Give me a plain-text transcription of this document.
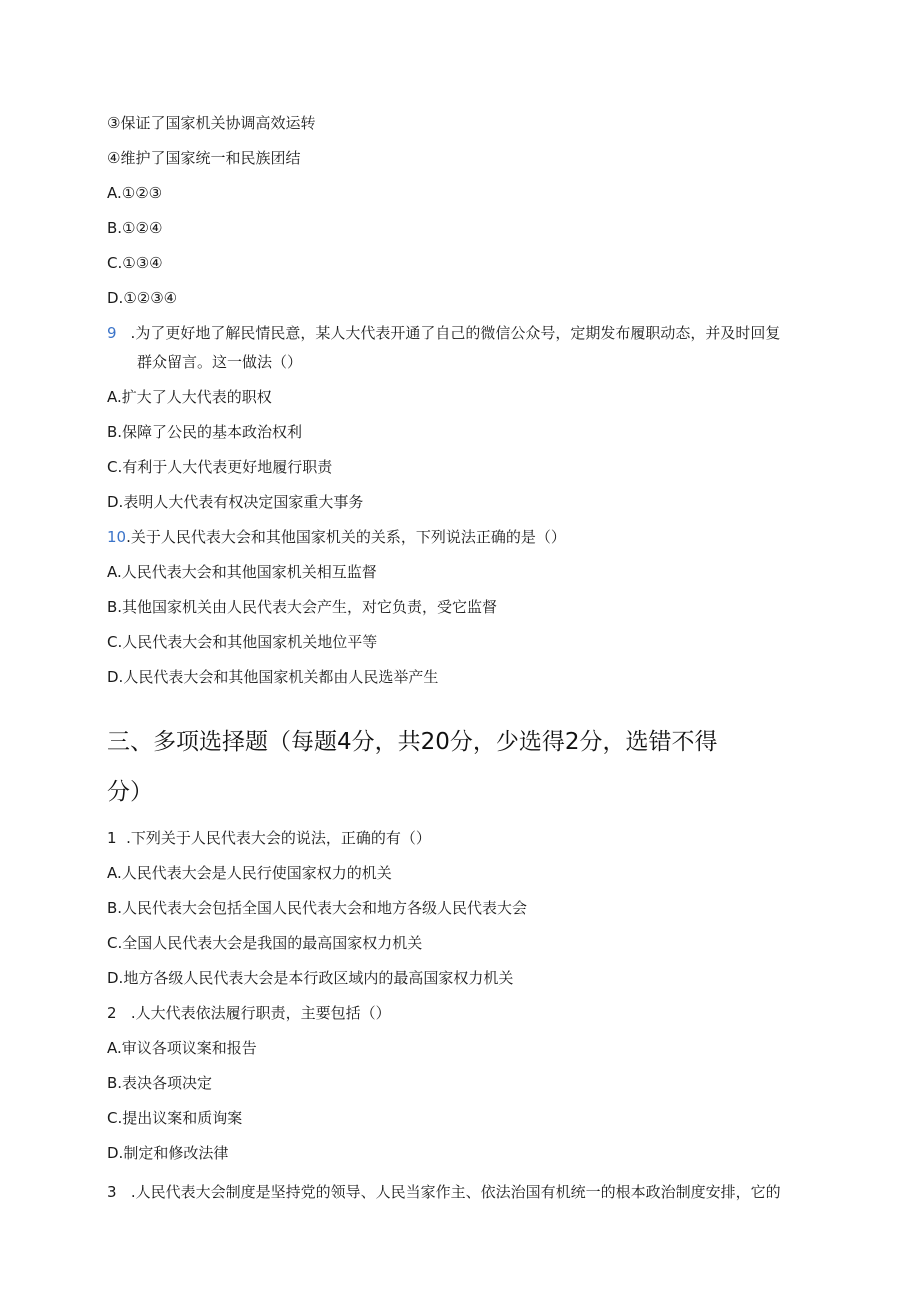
③保证了国家机关协调高效运转
④维护了国家统一和民族团结
A.①②③
B.①②④
C.①③④
D.①②③④
9 .为了更好地了解民情民意，某人大代表开通了自己的微信公众号，定期发布履职动态，并及时回复
群众留言。这一做法（）
A.扩大了人大代表的职权
B.保障了公民的基本政治权利
C.有利于人大代表更好地履行职责
D.表明人大代表有权决定国家重大事务
10.关于人民代表大会和其他国家机关的关系，下列说法正确的是（）
A.人民代表大会和其他国家机关相互监督
B.其他国家机关由人民代表大会产生，对它负责，受它监督
C.人民代表大会和其他国家机关地位平等
D.人民代表大会和其他国家机关都由人民选举产生
三、多项选择题（每题4分，共20分，少选得2分，选错不得
分）
1  .下列关于人民代表大会的说法，正确的有（）
A.人民代表大会是人民行使国家权力的机关
B.人民代表大会包括全国人民代表大会和地方各级人民代表大会
C.全国人民代表大会是我国的最高国家权力机关
D.地方各级人民代表大会是本行政区域内的最高国家权力机关
2   .人大代表依法履行职责，主要包括（）
A.审议各项议案和报告
B.表决各项决定
C.提出议案和质询案
D.制定和修改法律
3   .人民代表大会制度是坚持党的领导、人民当家作主、依法治国有机统一的根本政治制度安排，它的
